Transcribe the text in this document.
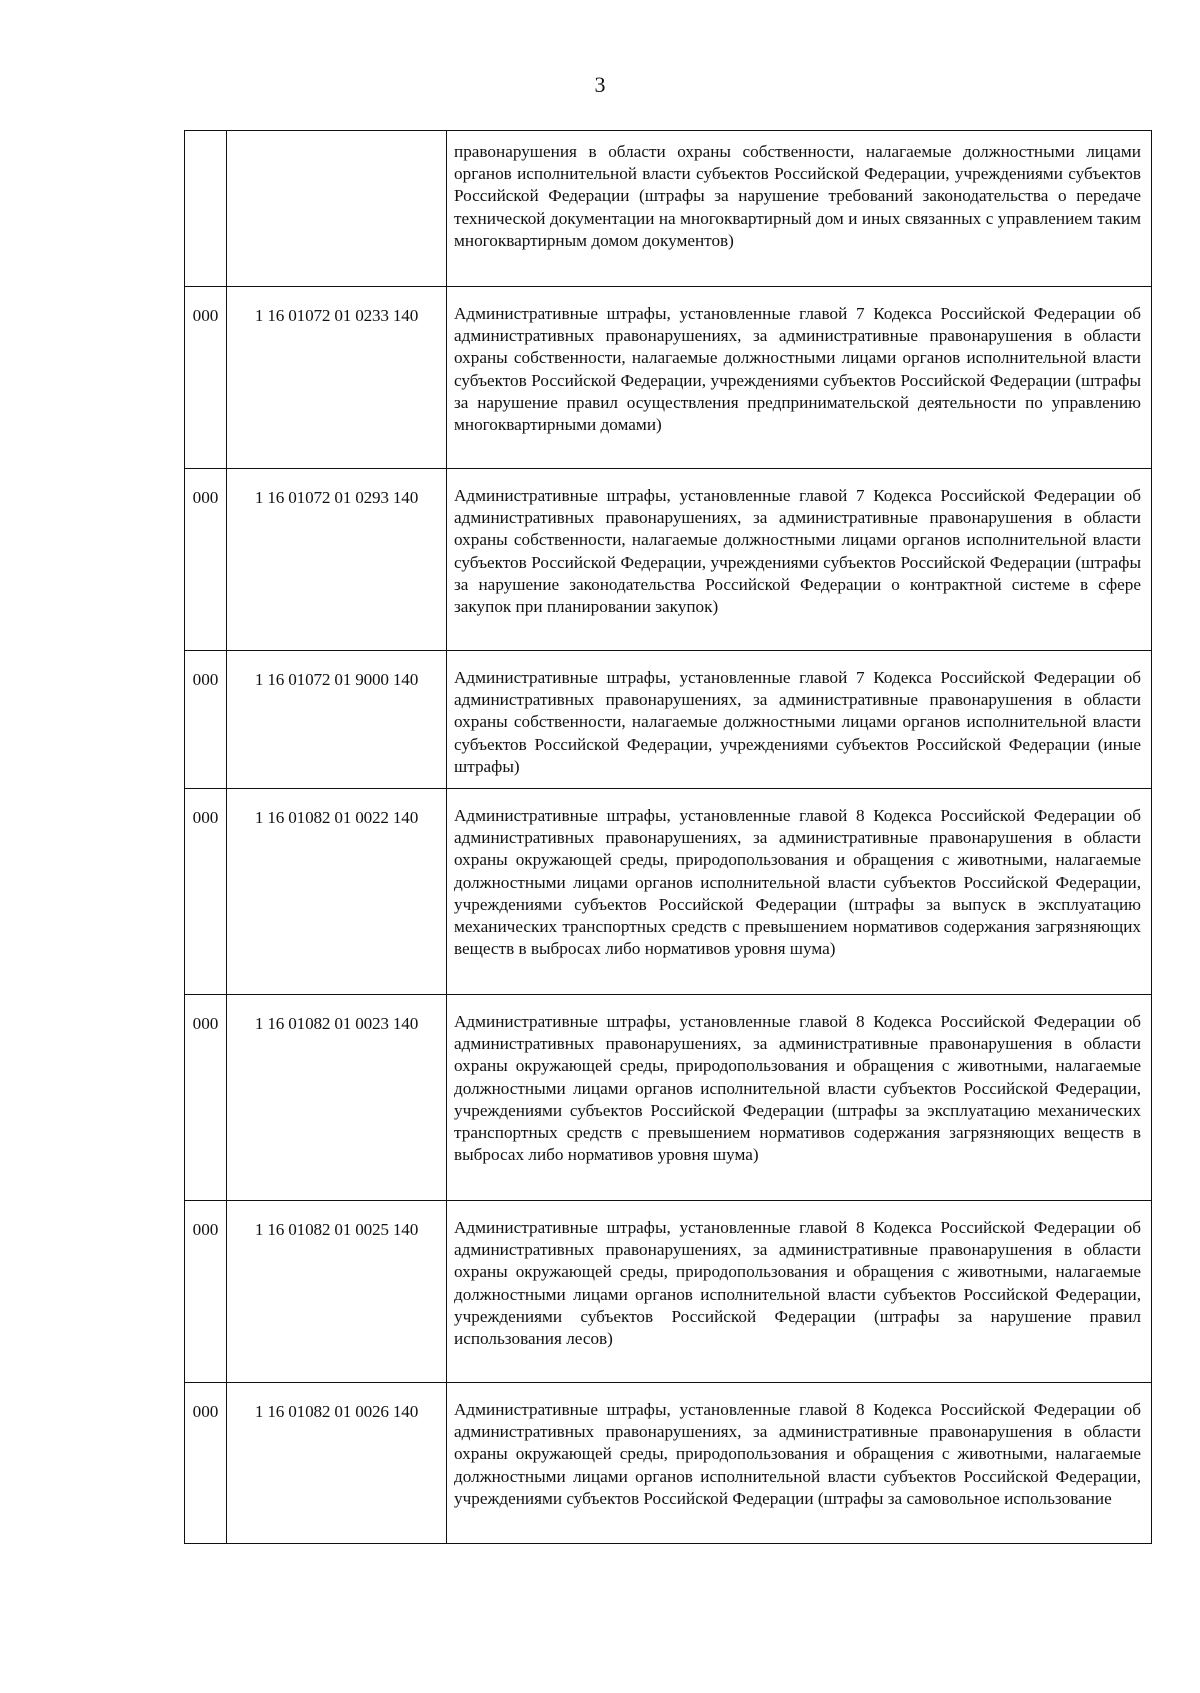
3
		правонарушения в области охраны собственности, налагаемые должностными лицами органов исполнительной власти субъектов Российской Федерации, учреждениями субъектов Российской Федерации (штрафы за нарушение требований законодательства о передаче технической документации на многоквартирный дом и иных связанных с управлением таким многоквартирным домом документов)
000	1 16 01072 01 0233 140	Административные штрафы, установленные главой 7 Кодекса Российской Федерации об административных правонарушениях, за административные правонарушения в области охраны собственности, налагаемые должностными лицами органов исполнительной власти субъектов Российской Федерации, учреждениями субъектов Российской Федерации (штрафы за нарушение правил осуществления предпринимательской деятельности по управлению многоквартирными домами)
000	1 16 01072 01 0293 140	Административные штрафы, установленные главой 7 Кодекса Российской Федерации об административных правонарушениях, за административные правонарушения в области охраны собственности, налагаемые должностными лицами органов исполнительной власти субъектов Российской Федерации, учреждениями субъектов Российской Федерации (штрафы за нарушение законодательства Российской Федерации о контрактной системе в сфере закупок при планировании закупок)
000	1 16 01072 01 9000 140	Административные штрафы, установленные главой 7 Кодекса Российской Федерации об административных правонарушениях, за административные правонарушения в области охраны собственности, налагаемые должностными лицами органов исполнительной власти субъектов Российской Федерации, учреждениями субъектов Российской Федерации (иные штрафы)
000	1 16 01082 01 0022 140	Административные штрафы, установленные главой 8 Кодекса Российской Федерации об административных правонарушениях, за административные правонарушения в области охраны окружающей среды, природопользования и обращения с животными, налагаемые должностными лицами органов исполнительной власти субъектов Российской Федерации, учреждениями субъектов Российской Федерации (штрафы за выпуск в эксплуатацию механических транспортных средств с превышением нормативов содержания загрязняющих веществ в выбросах либо нормативов уровня шума)
000	1 16 01082 01 0023 140	Административные штрафы, установленные главой 8 Кодекса Российской Федерации об административных правонарушениях, за административные правонарушения в области охраны окружающей среды, природопользования и обращения с животными, налагаемые должностными лицами органов исполнительной власти субъектов Российской Федерации, учреждениями субъектов Российской Федерации (штрафы за эксплуатацию механических транспортных средств с превышением нормативов содержания загрязняющих веществ в выбросах либо нормативов уровня шума)
000	1 16 01082 01 0025 140	Административные штрафы, установленные главой 8 Кодекса Российской Федерации об административных правонарушениях, за административные правонарушения в области охраны окружающей среды, природопользования и обращения с животными, налагаемые должностными лицами органов исполнительной власти субъектов Российской Федерации, учреждениями субъектов Российской Федерации (штрафы за нарушение правил использования лесов)
000	1 16 01082 01 0026 140	Административные штрафы, установленные главой 8 Кодекса Российской Федерации об административных правонарушениях, за административные правонарушения в области охраны окружающей среды, природопользования и обращения с животными, налагаемые должностными лицами органов исполнительной власти субъектов Российской Федерации, учреждениями субъектов Российской Федерации (штрафы за самовольное использование
